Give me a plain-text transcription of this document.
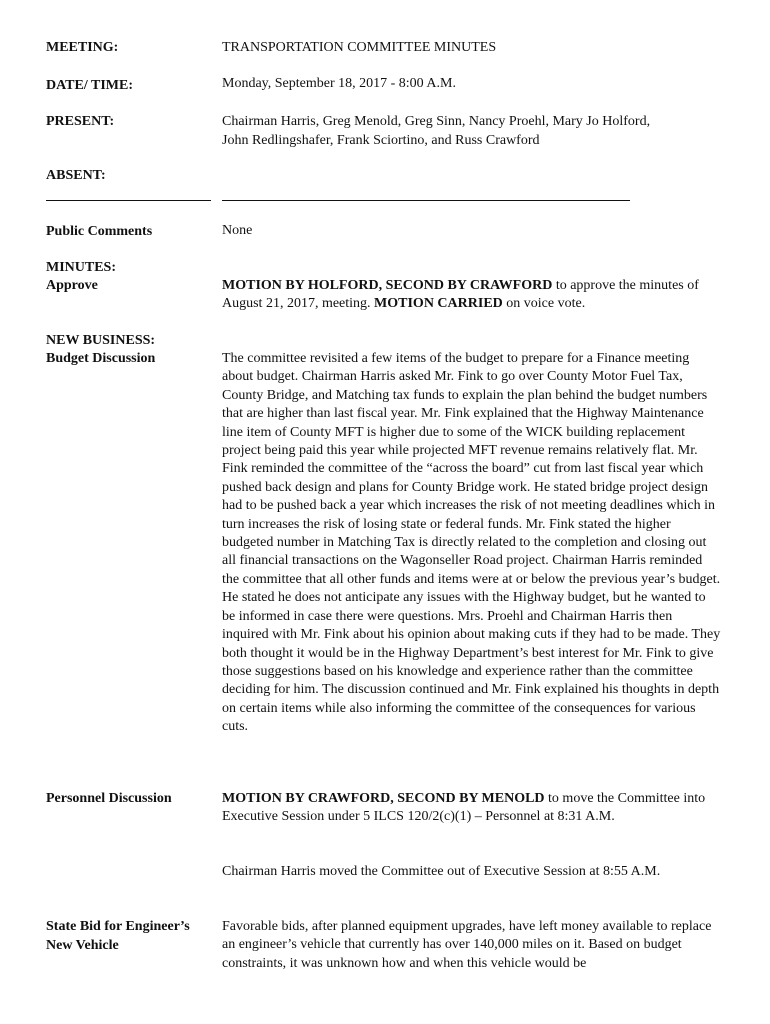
MEETING:	TRANSPORTATION COMMITTEE MINUTES
DATE/ TIME:	Monday, September 18, 2017 - 8:00 A.M.
PRESENT:	Chairman Harris, Greg Menold, Greg Sinn, Nancy Proehl, Mary Jo Holford,
John Redlingshafer, Frank Sciortino, and Russ Crawford
ABSENT:
Public Comments	None
MINUTES:
Approve	MOTION BY HOLFORD, SECOND BY CRAWFORD to approve the minutes of August 21, 2017, meeting. MOTION CARRIED on voice vote.
NEW BUSINESS:
Budget Discussion	The committee revisited a few items of the budget to prepare for a Finance meeting about budget. Chairman Harris asked Mr. Fink to go over County Motor Fuel Tax, County Bridge, and Matching tax funds to explain the plan behind the budget numbers that are higher than last fiscal year. Mr. Fink explained that the Highway Maintenance line item of County MFT is higher due to some of the WICK building replacement project being paid this year while projected MFT revenue remains relatively flat. Mr. Fink reminded the committee of the “across the board” cut from last fiscal year which pushed back design and plans for County Bridge work. He stated bridge project design had to be pushed back a year which increases the risk of not meeting deadlines which in turn increases the risk of losing state or federal funds. Mr. Fink stated the higher budgeted number in Matching Tax is directly related to the completion and closing out all financial transactions on the Wagonseller Road project. Chairman Harris reminded the committee that all other funds and items were at or below the previous year’s budget. He stated he does not anticipate any issues with the Highway budget, but he wanted to be informed in case there were questions. Mrs. Proehl and Chairman Harris then inquired with Mr. Fink about his opinion about making cuts if they had to be made. They both thought it would be in the Highway Department’s best interest for Mr. Fink to give those suggestions based on his knowledge and experience rather than the committee deciding for him. The discussion continued and Mr. Fink explained his thoughts in depth on certain items while also informing the committee of the consequences for various cuts.
Personnel Discussion	MOTION BY CRAWFORD, SECOND BY MENOLD to move the Committee into Executive Session under 5 ILCS 120/2(c)(1) – Personnel at 8:31 A.M.
Chairman Harris moved the Committee out of Executive Session at 8:55 A.M.
State Bid for Engineer’s
New Vehicle
Favorable bids, after planned equipment upgrades, have left money available to replace an engineer’s vehicle that currently has over 140,000 miles on it. Based on budget constraints, it was unknown how and when this vehicle would be
